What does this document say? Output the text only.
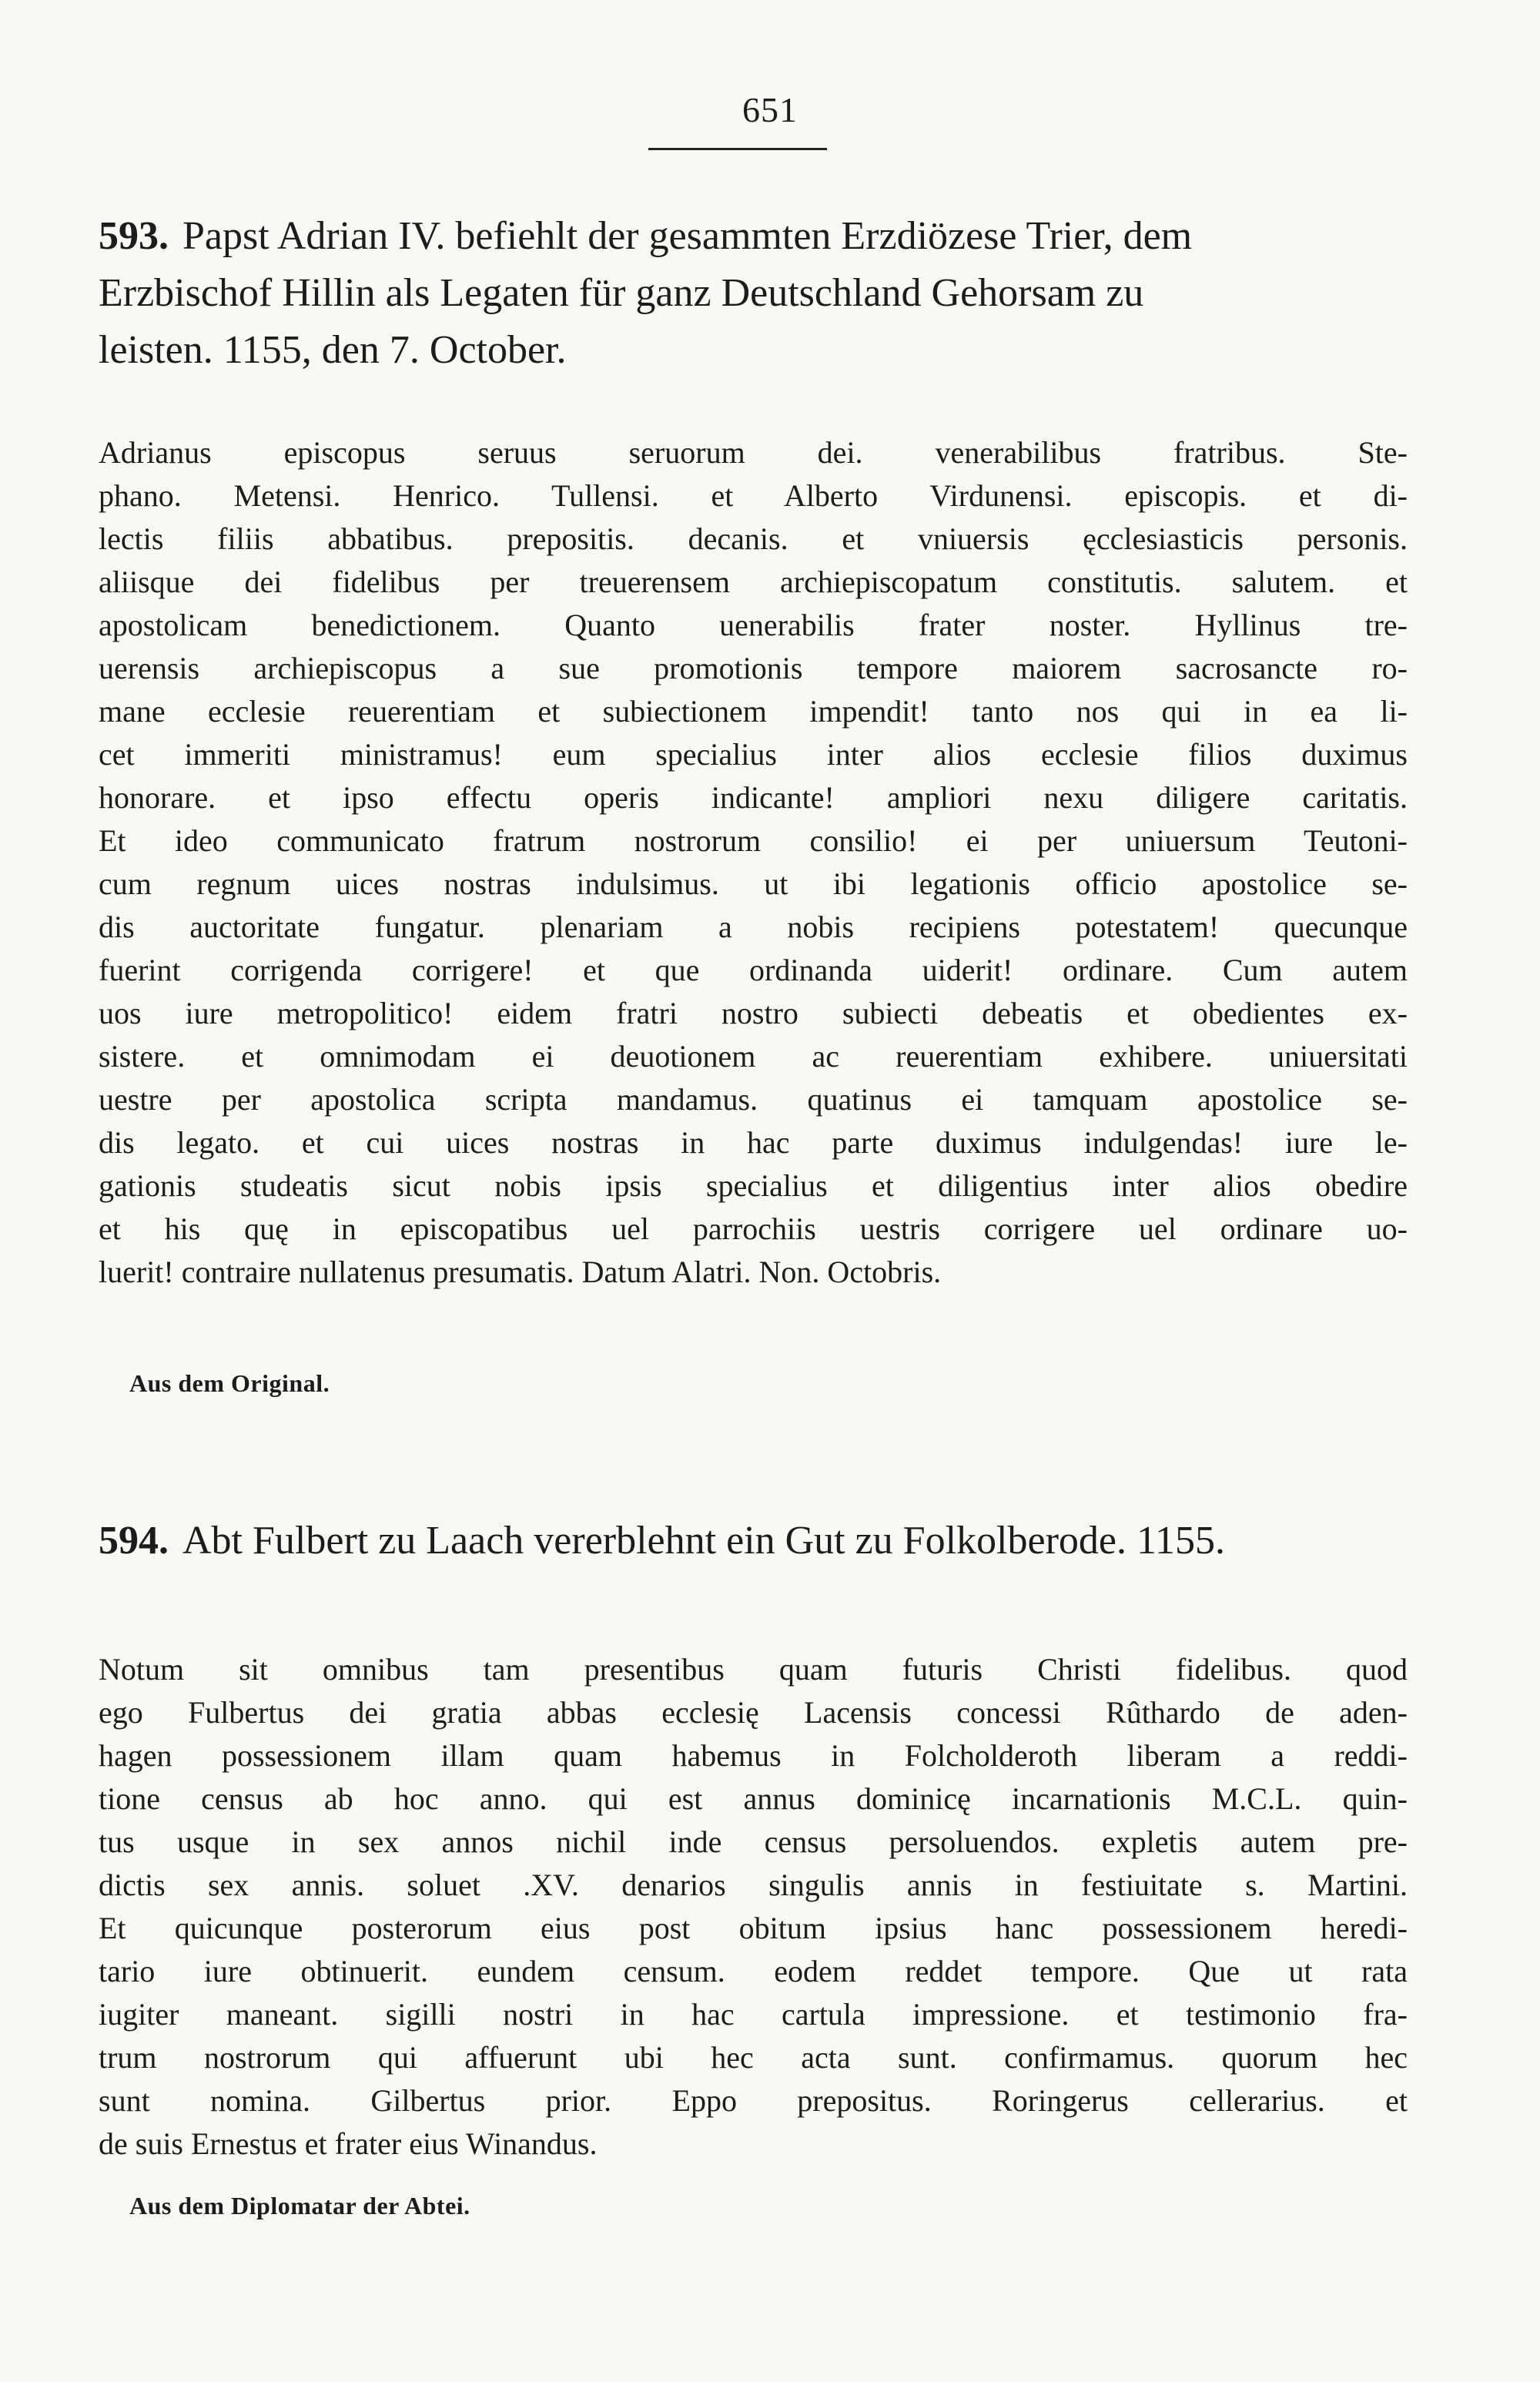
651
593. Papst Adrian IV. befiehlt der gesammten Erzdiözese Trier, dem
Erzbischof Hillin als Legaten für ganz Deutschland Gehorsam zu
leisten. 1155, den 7. October.
Adrianus episcopus seruus seruorum dei. venerabilibus fratribus. Ste-
phano. Metensi. Henrico. Tullensi. et Alberto Virdunensi. episcopis. et di-
lectis filiis abbatibus. prepositis. decanis. et vniuersis ęcclesiasticis personis.
aliisque dei fidelibus per treuerensem archiepiscopatum constitutis. salutem. et
apostolicam benedictionem. Quanto uenerabilis frater noster. Hyllinus tre-
uerensis archiepiscopus a sue promotionis tempore maiorem sacrosancte ro-
mane ecclesie reuerentiam et subiectionem impendit! tanto nos qui in ea li-
cet immeriti ministramus! eum specialius inter alios ecclesie filios duximus
honorare. et ipso effectu operis indicante! ampliori nexu diligere caritatis.
Et ideo communicato fratrum nostrorum consilio! ei per uniuersum Teutoni-
cum regnum uices nostras indulsimus. ut ibi legationis officio apostolice se-
dis auctoritate fungatur. plenariam a nobis recipiens potestatem! quecunque
fuerint corrigenda corrigere! et que ordinanda uiderit! ordinare. Cum autem
uos iure metropolitico! eidem fratri nostro subiecti debeatis et obedientes ex-
sistere. et omnimodam ei deuotionem ac reuerentiam exhibere. uniuersitati
uestre per apostolica scripta mandamus. quatinus ei tamquam apostolice se-
dis legato. et cui uices nostras in hac parte duximus indulgendas! iure le-
gationis studeatis sicut nobis ipsis specialius et diligentius inter alios obedire
et his quę in episcopatibus uel parrochiis uestris corrigere uel ordinare uo-
luerit! contraire nullatenus presumatis. Datum Alatri. Non. Octobris.
Aus dem Original.
594. Abt Fulbert zu Laach vererblehnt ein Gut zu Folkolberode. 1155.
Notum sit omnibus tam presentibus quam futuris Christi fidelibus. quod
ego Fulbertus dei gratia abbas ecclesię Lacensis concessi Rûthardo de aden-
hagen possessionem illam quam habemus in Folcholderoth liberam a reddi-
tione census ab hoc anno. qui est annus dominicę incarnationis M.C.L. quin-
tus usque in sex annos nichil inde census persoluendos. expletis autem pre-
dictis sex annis. soluet .XV. denarios singulis annis in festiuitate s. Martini.
Et quicunque posterorum eius post obitum ipsius hanc possessionem heredi-
tario iure obtinuerit. eundem censum. eodem reddet tempore. Que ut rata
iugiter maneant. sigilli nostri in hac cartula impressione. et testimonio fra-
trum nostrorum qui affuerunt ubi hec acta sunt. confirmamus. quorum hec
sunt nomina. Gilbertus prior. Eppo prepositus. Roringerus cellerarius. et
de suis Ernestus et frater eius Winandus.
Aus dem Diplomatar der Abtei.
